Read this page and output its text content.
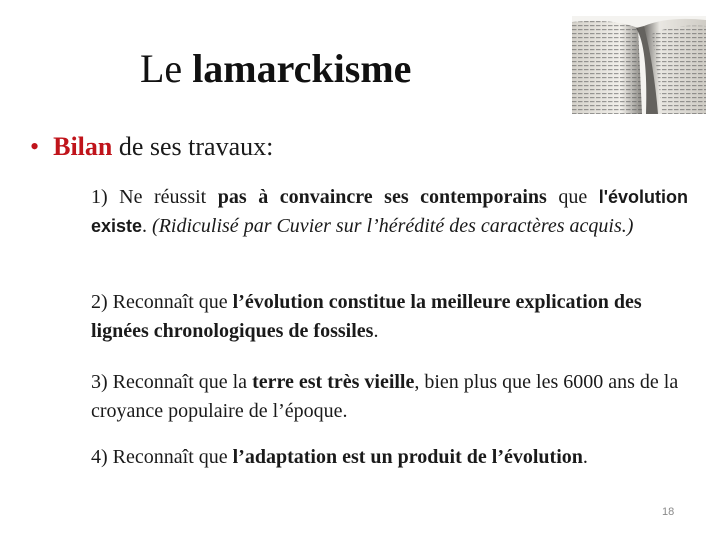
Le lamarckisme
• Bilan de ses travaux:
1) Ne réussit pas à convaincre ses contemporains que l'évolution existe. (Ridiculisé par Cuvier sur l’hérédité des caractères acquis.)
2) Reconnaît que l’évolution constitue la meilleure explication des lignées chronologiques de fossiles.
3) Reconnaît que la terre est très vieille, bien plus que les 6000 ans de la croyance populaire de l’époque.
4) Reconnaît que l’adaptation est un produit de l’évolution.
18
